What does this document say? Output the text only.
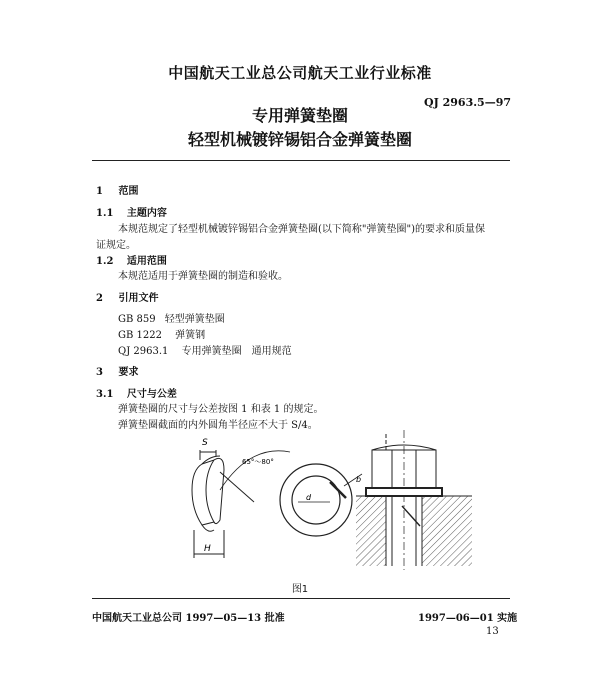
中国航天工业总公司航天工业行业标准
QJ 2963.5—97
专用弹簧垫圈
轻型机械镀锌锡铝合金弹簧垫圈
1 范围
1.1 主题内容
本规范规定了轻型机械镀锌锡铝合金弹簧垫圈(以下简称"弹簧垫圈")的要求和质量保
证规定。
1.2 适用范围
本规范适用于弹簧垫圈的制造和验收。
2 引用文件
GB 859 轻型弹簧垫圈
GB 1222 弹簧钢
QJ 2963.1 专用弹簧垫圈　通用规范
3 要求
3.1 尺寸与公差
弹簧垫圈的尺寸与公差按图 1 和表 1 的规定。
弹簧垫圈截面的内外圆角半径应不大于 S/4。
S
H
65°～80°
d
b
图1
中国航天工业总公司 1997—05—13 批准	1997—06—01 实施
13
